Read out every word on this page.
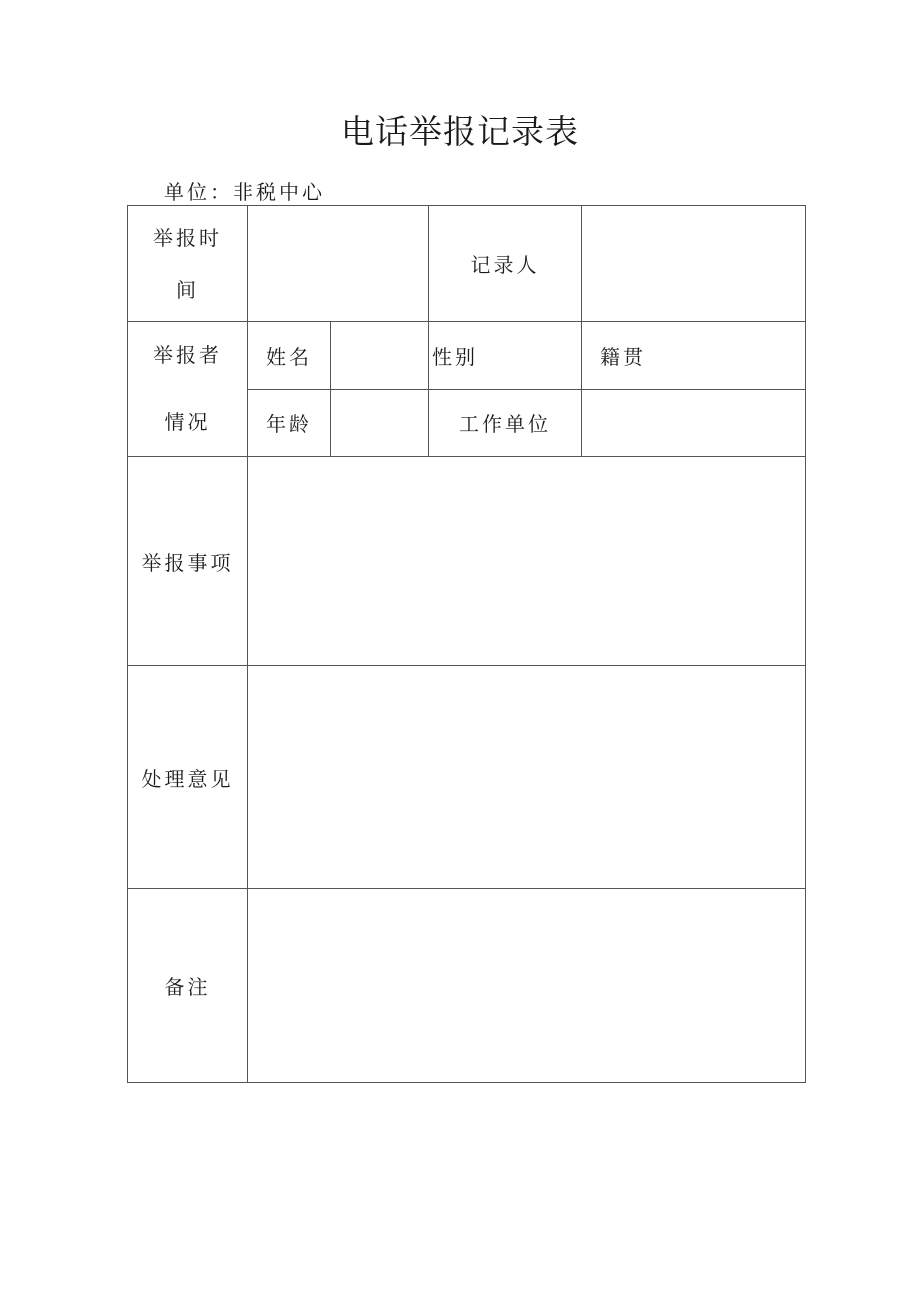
电话举报记录表
单位：非税中心
举报时
间			记录人	

举报者
情况	姓名		性别	籍贯
	年龄		工作单位	
举报事项				
处理意见				
备注				
